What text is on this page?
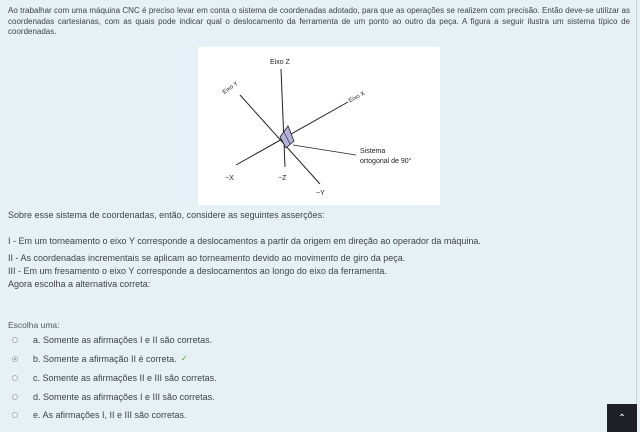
Ao trabalhar com uma máquina CNC é preciso levar em conta o sistema de coordenadas adotado, para que as operações se realizem com precisão. Então deve-se utilizar as coordenadas cartesianas, com as quais pode indicar qual o deslocamento da ferramenta de um ponto ao outro da peça. A figura a seguir ilustra um sistema típico de coordenadas.
Eixo Z
Eixo Y
Eixo X
Sistema
ortogonal de 90°
−X	−Z
−Y
Sobre esse sistema de coordenadas, então, considere as seguintes asserções:
I - Em um torneamento o eixo Y corresponde a deslocamentos a partir da origem em direção ao operador da máquina.
II - As coordenadas incrementais se aplicam ao torneamento devido ao movimento de giro da peça.
III - Em um fresamento o eixo Y corresponde a deslocamentos ao longo do eixo da ferramenta.
Agora escolha a alternativa correta:
Escolha uma:
a. Somente as afirmações I e II são corretas.
b. Somente a afirmação II é correta. ✓
c. Somente as afirmações II e III são corretas.
d. Somente as afirmações I e III são corretas.
e. As afirmações I, II e III são corretas.	⌃
